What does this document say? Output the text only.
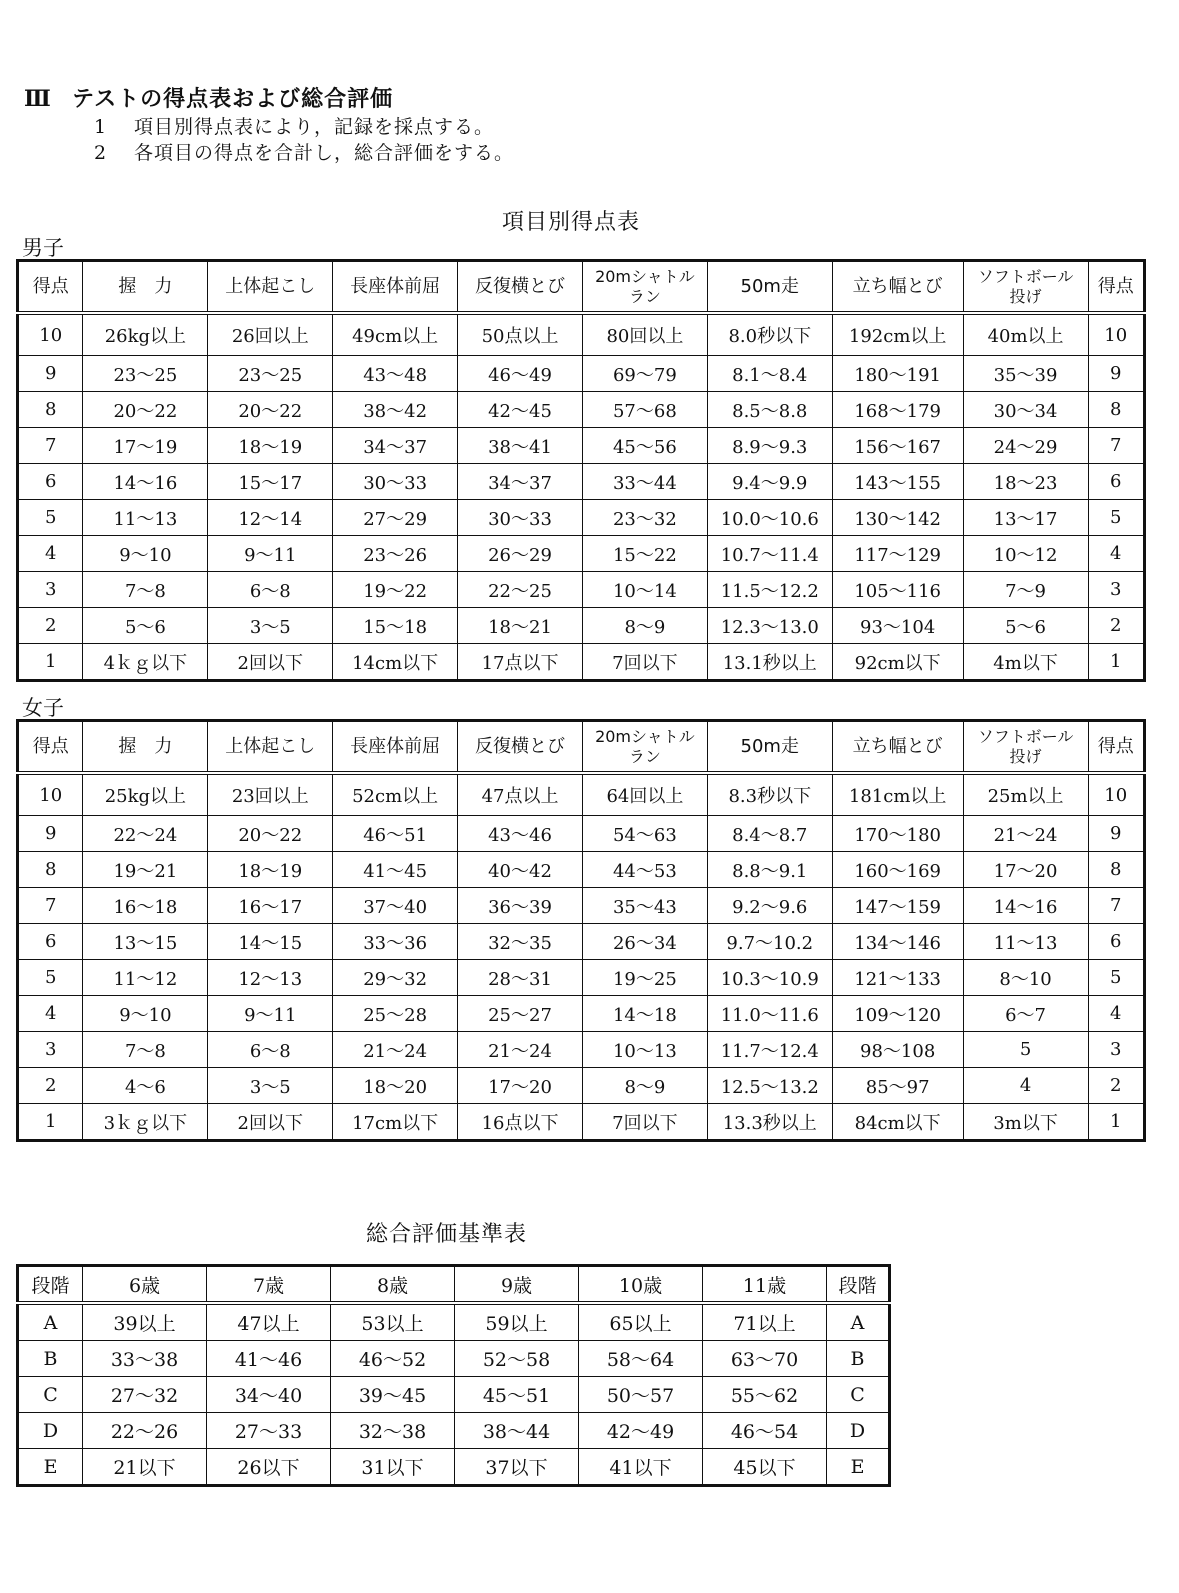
Ⅲ テストの得点表および総合評価
1 項目別得点表により，記録を採点する。
2 各項目の得点を合計し，総合評価をする。
項目別得点表
男子
得点	握　力	上体起こし	長座体前屈	反復横とび	20mシャトル
ラン	50m走	立ち幅とび	ソフトボール
投げ	得点
10	26kg以上	26回以上	49cm以上	50点以上	80回以上	8.0秒以下	192cm以上	40m以上	10
9	23～25	23～25	43～48	46～49	69～79	8.1～8.4	180～191	35～39	9
8	20～22	20～22	38～42	42～45	57～68	8.5～8.8	168～179	30～34	8
7	17～19	18～19	34～37	38～41	45～56	8.9～9.3	156～167	24～29	7
6	14～16	15～17	30～33	34～37	33～44	9.4～9.9	143～155	18～23	6
5	11～13	12～14	27～29	30～33	23～32	10.0～10.6	130～142	13～17	5
4	9～10	9～11	23～26	26～29	15～22	10.7～11.4	117～129	10～12	4
3	7～8	6～8	19～22	22～25	10～14	11.5～12.2	105～116	7～9	3
2	5～6	3～5	15～18	18～21	8～9	12.3～13.0	93～104	5～6	2
1	4ｋｇ以下	2回以下	14cm以下	17点以下	7回以下	13.1秒以上	92cm以下	4m以下	1
女子
得点	握　力	上体起こし	長座体前屈	反復横とび	20mシャトル
ラン	50m走	立ち幅とび	ソフトボール
投げ	得点
10	25kg以上	23回以上	52cm以上	47点以上	64回以上	8.3秒以下	181cm以上	25m以上	10
9	22～24	20～22	46～51	43～46	54～63	8.4～8.7	170～180	21～24	9
8	19～21	18～19	41～45	40～42	44～53	8.8～9.1	160～169	17～20	8
7	16～18	16～17	37～40	36～39	35～43	9.2～9.6	147～159	14～16	7
6	13～15	14～15	33～36	32～35	26～34	9.7～10.2	134～146	11～13	6
5	11～12	12～13	29～32	28～31	19～25	10.3～10.9	121～133	8～10	5
4	9～10	9～11	25～28	25～27	14～18	11.0～11.6	109～120	6～7	4
3	7～8	6～8	21～24	21～24	10～13	11.7～12.4	98～108	5	3
2	4～6	3～5	18～20	17～20	8～9	12.5～13.2	85～97	4	2
1	3ｋｇ以下	2回以下	17cm以下	16点以下	7回以下	13.3秒以上	84cm以下	3m以下	1
総合評価基準表
段階	6歳	7歳	8歳	9歳	10歳	11歳	段階
A	39以上	47以上	53以上	59以上	65以上	71以上	A
B	33～38	41～46	46～52	52～58	58～64	63～70	B
C	27～32	34～40	39～45	45～51	50～57	55～62	C
D	22～26	27～33	32～38	38～44	42～49	46～54	D
E	21以下	26以下	31以下	37以下	41以下	45以下	E
